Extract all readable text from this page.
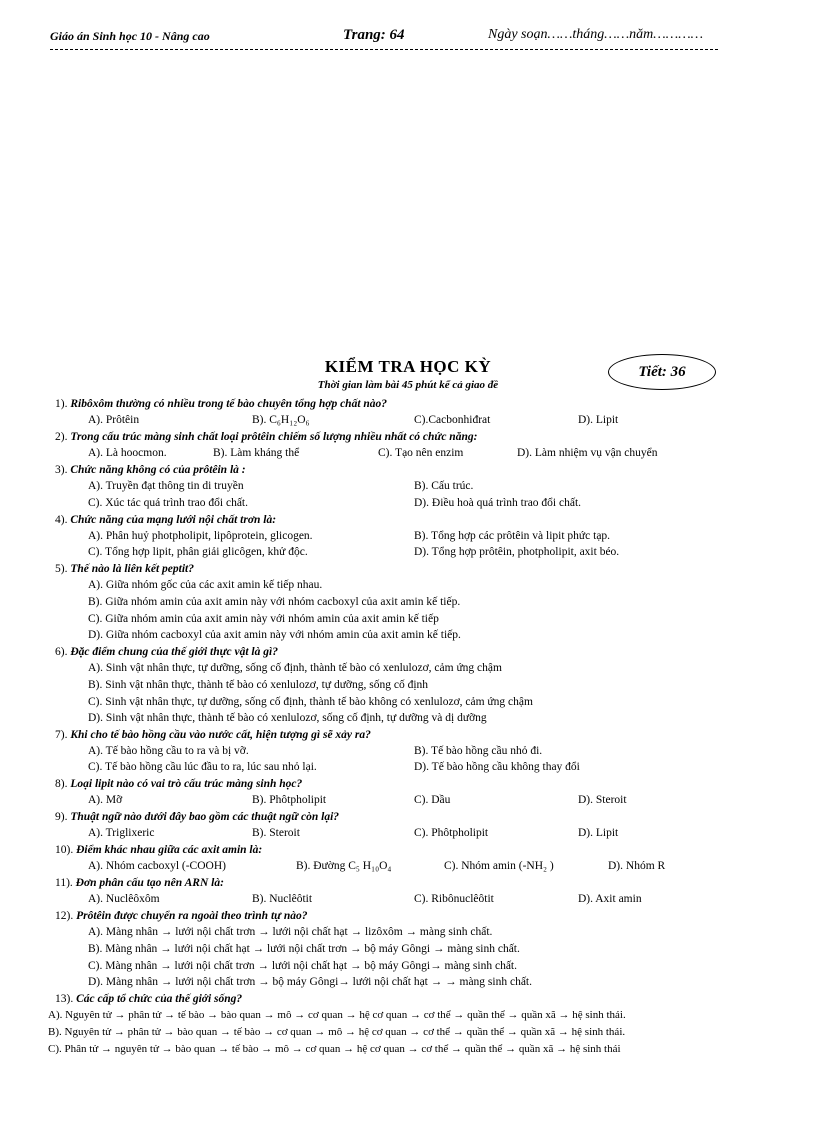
Giáo án Sinh học 10 - Nâng cao	Trang: 64	Ngày soạn……tháng……năm…………
KIỂM TRA HỌC KỲ
Thời gian làm bài 45 phút kể cả giao đề
Tiết: 36
1). Ribôxôm thường có nhiều trong tế bào chuyên tổng hợp chất nào?
A). Prôtêin	B). C₆H₁₂O₆	C).Cacbonhiđrat	D). Lipit
2). Trong cấu trúc màng sinh chất loại prôtêin chiếm số lượng nhiều nhất có chức năng:
A). Là hoocmon.	B). Làm kháng thể	C). Tạo nên enzim	D). Làm nhiệm vụ vận chuyển
3). Chức năng không có của prôtêin là :
A). Truyền đạt thông tin di truyền	B). Cấu trúc.
C). Xúc tác quá trình trao đổi chất.	D). Điều hoà quá trình trao đổi chất.
4). Chức năng của mạng lưới nội chất trơn là:
A). Phân huỷ photpholipit, lipôprotein, glicogen.	B). Tổng hợp các prôtêin và lipit phức tạp.
C). Tổng hợp lipit, phân giải glicôgen, khử độc.	D). Tổng hợp prôtêin, photpholipit, axit béo.
5). Thế nào là liên kết peptit?
A). Giữa nhóm gốc của các axit amin kế tiếp nhau.
B). Giữa nhóm amin của axit amin này với nhóm cacboxyl của axit amin kế tiếp.
C). Giữa nhóm amin của axit amin này với nhóm amin của axit amin kế tiếp
D). Giữa nhóm cacboxyl của axit amin này với nhóm amin của axit amin kế tiếp.
6). Đặc điểm chung của thế giới thực vật là gì?
A). Sinh vật nhân thực, tự dưỡng, sống cố định, thành tế bào có xenlulozơ, cảm ứng chậm
B). Sinh vật nhân thực, thành tế bào có xenlulozơ, tự dưỡng, sống cố định
C). Sinh vật nhân thực, tự dưỡng, sống cố định, thành tế bào không có xenlulozơ, cảm ứng chậm
D). Sinh vật nhân thực, thành tế bào có xenlulozơ, sống cố định, tự dưỡng và dị dưỡng
7). Khi cho tế bào hồng cầu vào nước cất, hiện tượng gì sẽ xảy ra?
A). Tế bào hồng cầu to ra và bị vỡ.	B). Tế bào hồng cầu nhỏ đi.
C). Tế bào hồng cầu lúc đầu to ra, lúc sau nhỏ lại.	D). Tế bào hồng cầu không thay đổi
8). Loại lipit nào có vai trò cấu trúc màng sinh học?
A). Mỡ	B). Phôtpholipit	C). Dầu	D). Steroit
9). Thuật ngữ nào dưới đây bao gồm các thuật ngữ còn lại?
A). Triglixeric	B). Steroit	C). Phôtpholipit	D). Lipit
10). Điểm khác nhau giữa các axit amin là:
A). Nhóm cacboxyl (-COOH)	B). Đường C₅ H₁₀O₄	C). Nhóm amin (-NH₂ )	D). Nhóm R
11). Đơn phân cấu tạo nên ARN là:
A). Nuclêôxôm	B). Nuclêôtit	C). Ribônuclêôtit	D). Axit amin
12). Prôtêin được chuyển ra ngoài theo trình tự nào?
A). Màng nhân → lưới nội chất trơn → lưới nội chất hạt → lizôxôm → màng sinh chất.
B). Màng nhân → lưới nội chất hạt → lưới nội chất trơn → bộ máy Gôngi → màng sinh chất.
C). Màng nhân → lưới nội chất trơn → lưới nội chất hạt → bộ máy Gôngi→ màng sinh chất.
D). Màng nhân → lưới nội chất trơn → bộ máy Gôngi→ lưới nội chất hạt → → màng sinh chất.
13). Các cấp tổ chức của thế giới sống?
A). Nguyên tử → phân tử → tế bào → bào quan → mô → cơ quan → hệ cơ quan → cơ thể → quần thể → quần xã → hệ sinh thái.
B). Nguyên tử → phân tử → bào quan → tế bào → cơ quan → mô → hệ cơ quan → cơ thể → quần thể → quần xã → hệ sinh thái.
C). Phân tử → nguyên tử → bào quan → tế bào → mô → cơ quan → hệ cơ quan → cơ thể → quần thể → quần xã → hệ sinh thái
